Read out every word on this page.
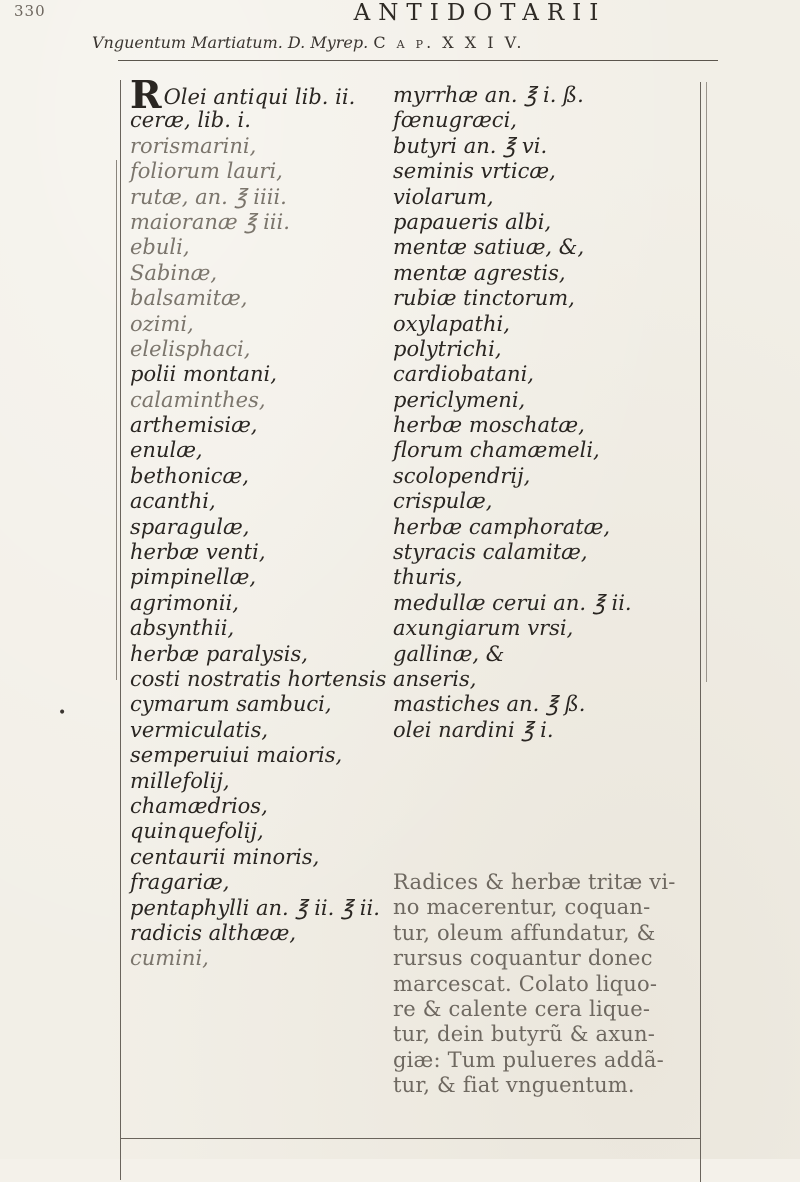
330	ANTIDOTARII
Vnguentum Martiatum. D. Myrep. C a p. X X I V.
•
ROlei antiqui lib. ii.
ceræ, lib. i.
rorismarini,
foliorum lauri,
rutæ, an. ℥ iiii.
maioranæ ℥ iii.
ebuli,
Sabinæ,
balsamitæ,
ozimi,
elelisphaci,
polii montani,
calaminthes,
arthemisiæ,
enulæ,
bethonicæ,
acanthi,
sparagulæ,
herbæ venti,
pimpinellæ,
agrimonii,
absynthii,
herbæ paralysis,
costi nostratis hortensis
cymarum sambuci,
vermiculatis,
semperuiui maioris,
millefolij,
chamædrios,
quinquefolij,
centaurii minoris,
fragariæ,
pentaphylli an. ℥ ii. ℥ ii.
radicis althææ,
cumini,
myrrhæ an. ℥ i. ß.
fœnugræci,
butyri an. ℥ vi.
seminis vrticæ,
violarum,
papaueris albi,
mentæ satiuæ, &,
mentæ agrestis,
rubiæ tinctorum,
oxylapathi,
polytrichi,
cardiobatani,
periclymeni,
herbæ moschatæ,
florum chamæmeli,
scolopendrij,
crispulæ,
herbæ camphoratæ,
styracis calamitæ,
thuris,
medullæ cerui an. ℥ ii.
axungiarum vrsi,
gallinæ, &
anseris,
mastiches an. ℥ ß.
olei nardini ℥ i.
Radices & herbæ tritæ vi-
no macerentur, coquan-
tur, oleum affundatur, &
rursus coquantur donec
marcescat. Colato liquo-
re & calente cera lique-
tur, dein butyrũ & axun-
giæ: Tum pulueres addã-
tur, & fiat vnguentum.
